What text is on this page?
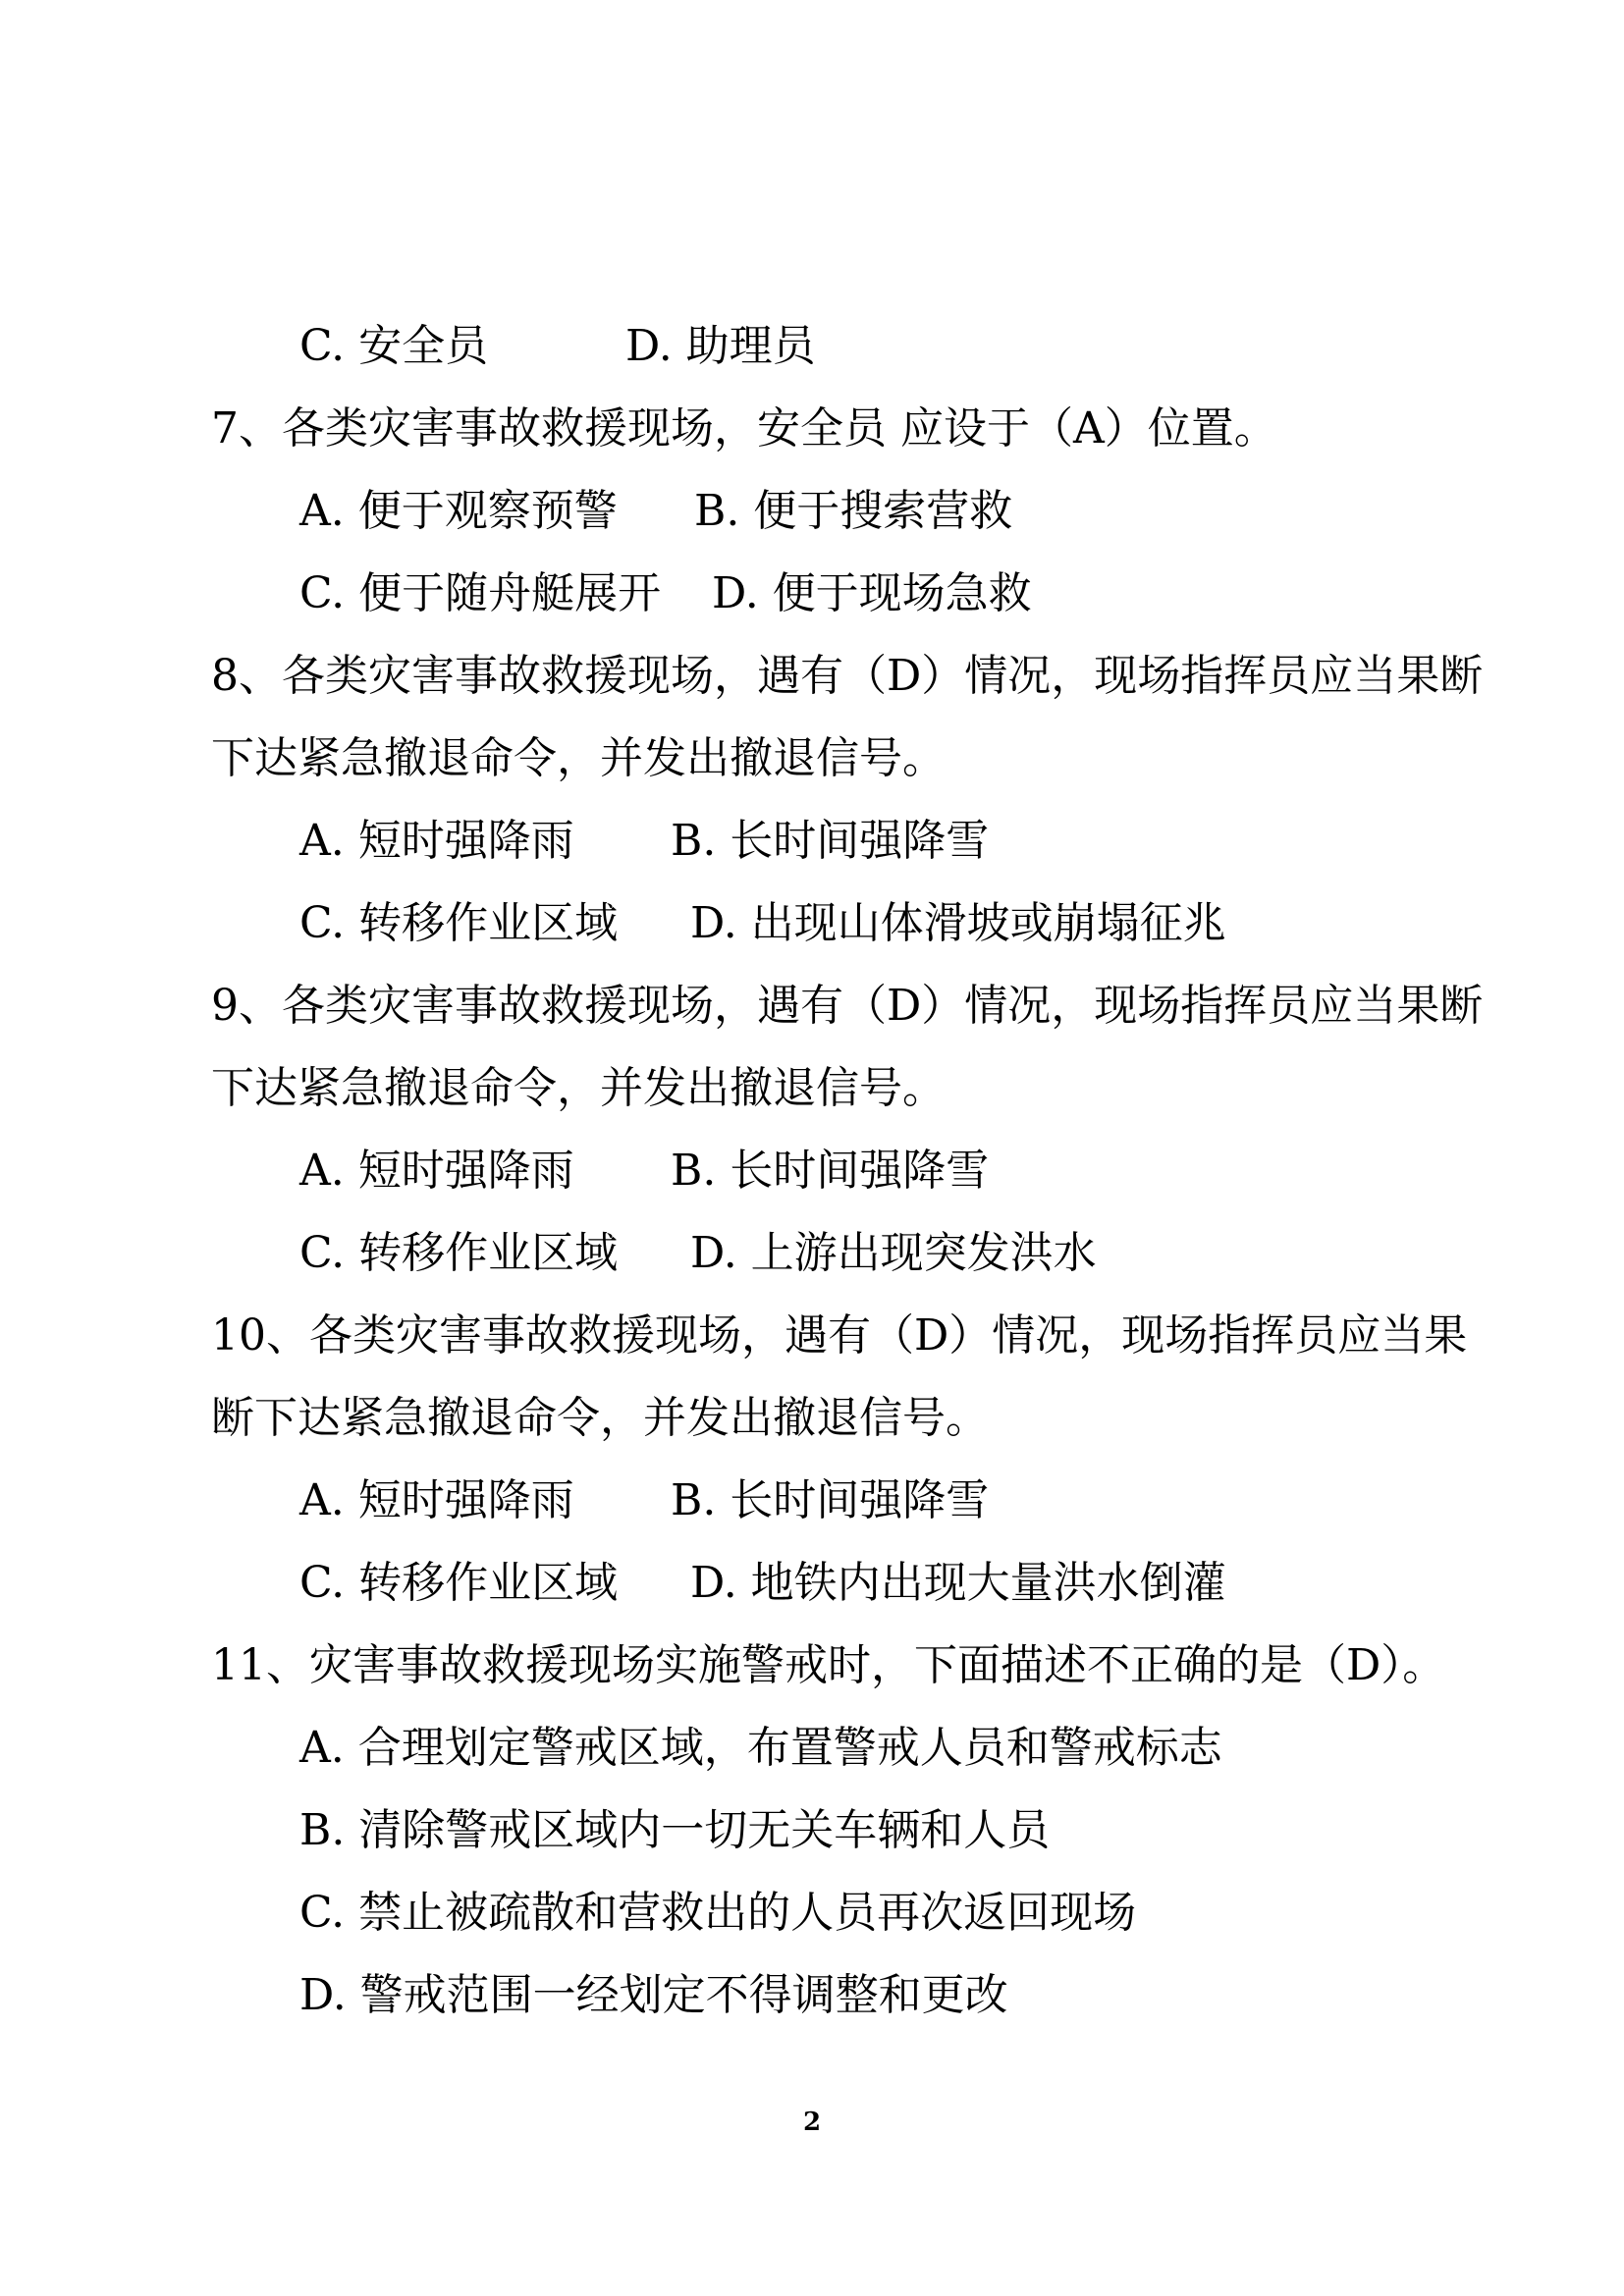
C. 安全员	D. 助理员
7、各类灾害事故救援现场，安全员 应设于（A）位置。
A. 便于观察预警 B. 便于搜索营救
C. 便于随舟艇展开 D. 便于现场急救
8、各类灾害事故救援现场，遇有（D）情况，现场指挥员应当果断
下达紧急撤退命令，并发出撤退信号。
A. 短时强降雨 B. 长时间强降雪
C. 转移作业区域 D. 出现山体滑坡或崩塌征兆
9、各类灾害事故救援现场，遇有（D）情况，现场指挥员应当果断
下达紧急撤退命令，并发出撤退信号。
A. 短时强降雨 B. 长时间强降雪
C. 转移作业区域 D. 上游出现突发洪水
10、各类灾害事故救援现场，遇有（D）情况，现场指挥员应当果
断下达紧急撤退命令，并发出撤退信号。
A. 短时强降雨 B. 长时间强降雪
C. 转移作业区域 D. 地铁内出现大量洪水倒灌
11、灾害事故救援现场实施警戒时，下面描述不正确的是（D）。
A. 合理划定警戒区域，布置警戒人员和警戒标志
B. 清除警戒区域内一切无关车辆和人员
C. 禁止被疏散和营救出的人员再次返回现场
D. 警戒范围一经划定不得调整和更改
2
